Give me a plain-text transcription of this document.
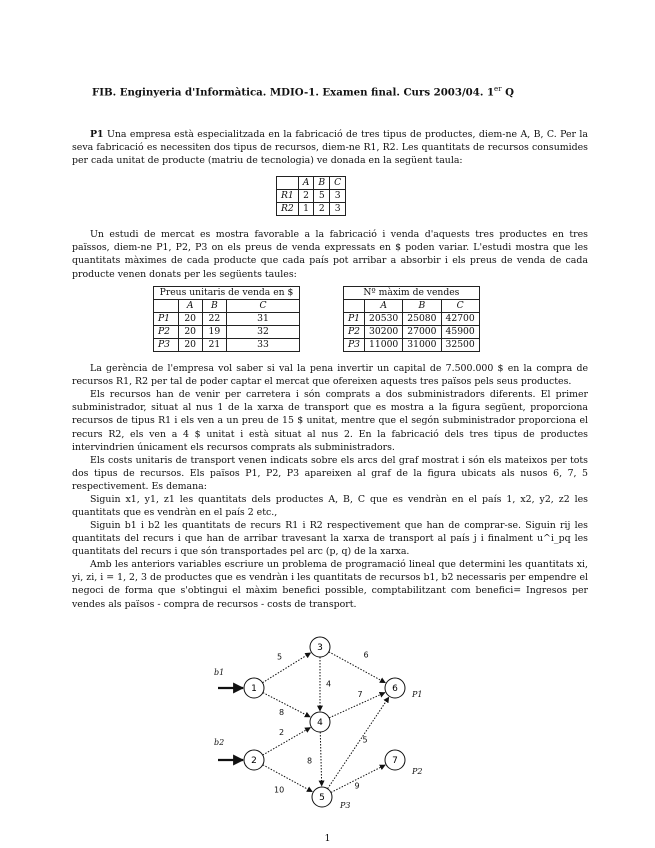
FIB. Enginyeria d'Informàtica. MDIO-1. Examen final. Curs 2003/04. 1er Q

P1 Una empresa està especialitzada en la fabricació de tres tipus de productes, diem-ne A, B, C. Per la seva fabricació es necessiten dos tipus de recursos, diem-ne R1, R2. Les quantitats de recursos consumides per cada unitat de producte (matriu de tecnologia) ve donada en la següent taula:

	A	B	C
R1	2	5	3
R2	1	2	3

Un estudi de mercat es mostra favorable a la fabricació i venda d'aquests tres productes en tres païssos, diem-ne P1, P2, P3 on els preus de venda expressats en $ poden variar. L'estudi mostra que les quantitats màximes de cada producte que cada país pot arribar a absorbir i els preus de venda de cada producte venen donats per les següents taules:

Preus unitaris de venda en $			
	A	B	C
P1	20	22	31
P2	20	19	32
P3	20	21	33
Nº màxim de vendes			
	A	B	C
P1	20530	25080	42700
P2	30200	27000	45900
P3	11000	31000	32500

La gerència de l'empresa vol saber si val la pena invertir un capital de 7.500.000 $ en la compra de recursos R1, R2 per tal de poder captar el mercat que ofereixen aquests tres països pels seus productes.

Els recursos han de venir per carretera i són comprats a dos subministradors diferents. El primer subministrador, situat al nus 1 de la xarxa de transport que es mostra a la figura següent, proporciona recursos de tipus R1 i els ven a un preu de 15 $ unitat, mentre que el segón subministrador proporciona el recurs R2, els ven a 4 $ unitat i està situat al nus 2. En la fabricació dels tres tipus de productes intervindrien únicament els recursos comprats als subministradors.

Els costs unitaris de transport venen indicats sobre els arcs del graf mostrat i són els mateixos per tots dos tipus de recursos. Els països P1, P2, P3 apareixen al graf de la figura ubicats als nusos 6, 7, 5 respectivement. Es demana:

Siguin x1, y1, z1 les quantitats dels productes A, B, C que es vendràn en el país 1, x2, y2, z2 les quantitats que es vendràn en el país 2 etc.,

Siguin b1 i b2 les quantitats de recurs R1 i R2 respectivement que han de comprar-se. Siguin rij les quantitats del recurs i que han de arribar travesant la xarxa de transport al país j i finalment u^i_pq les quantitats del recurs i que són transportades pel arc (p, q) de la xarxa.

Amb les anteriors variables escriure un problema de programació lineal que determini les quantitats xi, yi, zi, i = 1, 2, 3 de productes que es vendràn i les quantitats de recursos b1, b2 necessaris per empendre el negoci de forma que s'obtingui el màxim benefici possible, comptabilitzant com benefici= Ingresos per vendes als països - compra de recursos - costs de transport.

5
8
2
10
4
6
7
8
5
9
1
2
3
4
5
6
7
b1
b2
P1
P2
P3
1
